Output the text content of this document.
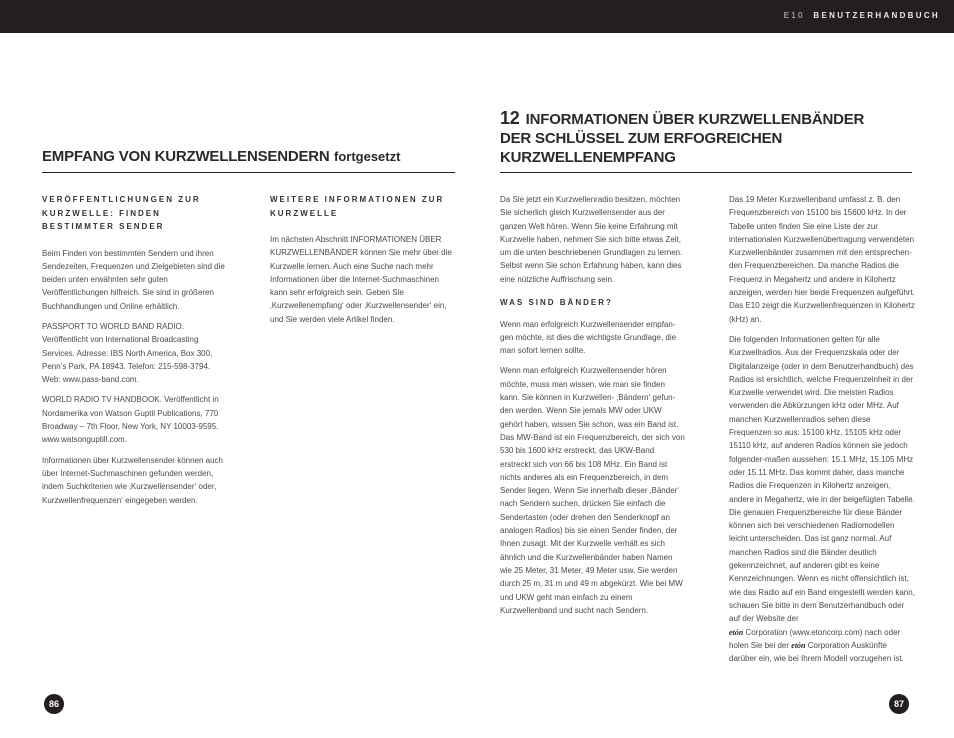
E10 BENUTZERHANDBUCH
EMPFANG VON KURZWELLENSENDERN fortgesetzt
12 INFORMATIONEN ÜBER KURZWELLENBÄNDER
DER SCHLÜSSEL ZUM ERFOGREICHEN
KURZWELLENEMPFANG
VERÖFFENTLICHUNGEN ZUR KURZWELLE: FINDEN BESTIMMTER SENDER

Beim Finden von bestimmten Sendern und ihren Sendezeiten, Frequenzen und Zielgebieten sind die beiden unten erwähnten sehr guten Veröffentlichungen hilfreich. Sie sind in größeren Buchhandlungen und Online erhältlich.

PASSPORT TO WORLD BAND RADIO. Veröffentlicht von International Broadcasting Services. Adresse: IBS North America, Box 300, Penn’s Park, PA 18943. Telefon: 215-598-3794. Web: www.pass-band.com.

WORLD RADIO TV HANDBOOK. Veröffentlicht in Nordamerika von Watson Guptil Publications, 770 Broadway – 7th Floor, New York, NY 10003-9595. www.watsonguptill.com.

Informationen über Kurzwellensender können auch über Internet-Suchmaschinen gefunden werden, indem Suchkriterien wie ‚Kurzwellensender‘ oder, Kurzwellenfrequenzen‘ eingegeben werden.

WEITERE INFORMATIONEN ZUR KURZWELLE

Im nächsten Abschnitt INFORMATIONEN ÜBER KURZWELLENBÄNDER können Sie mehr über die Kurzwelle lernen. Auch eine Suche nach mehr Informationen über die Internet-Suchmaschinen kann sehr erfolgreich sein. Geben Sie ‚Kurzwellenempfang‘ oder ‚Kurzwellensender‘ ein, und Sie werden viele Artikel finden.

Da Sie jetzt ein Kurzwellenradio besitzen, möchten Sie sicherlich gleich Kurzwellensender aus der ganzen Welt hören. Wenn Sie keine Erfahrung mit Kurzwelle haben, nehmen Sie sich bitte etwas Zeit, um die unten beschriebenen Grundlagen zu lernen. Selbst wenn Sie schon Erfahrung haben, kann dies eine nützliche Auffrischung sein.

WAS SIND BÄNDER?

Wenn man erfolgreich Kurzwellensender empfan-gen möchte, ist dies die wichtigste Grundlage, die man sofort lernen sollte.

Wenn man erfolgreich Kurzwellensender hören möchte, muss man wissen, wie man sie finden kann. Sie können in Kurzwellen- ‚Bändern‘ gefun-den werden. Wenn Sie jemals MW oder UKW gehört haben, wissen Sie schon, was ein Band ist. Das MW-Band ist ein Frequenzbereich, der sich von 530 bis 1600 kHz erstreckt, das UKW-Band erstreckt sich von 66 bis 108 MHz. Ein Band ist nichts anderes als ein Frequenzbereich, in dem Sender liegen. Wenn Sie innerhalb dieser ‚Bänder‘ nach Sendern suchen, drücken Sie einfach die Sendertasten (oder drehen den Senderknopf an analogen Radios) bis sie einen Sender finden, der Ihnen zusagt. Mit der Kurzwelle verhält es sich ähnlich und die Kurzwellenbänder haben Namen wie 25 Meter, 31 Meter, 49 Meter usw. Sie werden durch 25 m, 31 m und 49 m abgekürzt. Wie bei MW und UKW geht man einfach zu einem Kurzwellenband und sucht nach Sendern.

Das 19 Meter Kurzwellenband umfasst z. B. den Frequenzbereich von 15100 bis 15600 kHz. In der Tabelle unten finden Sie eine Liste der zur internationalen Kurzwellenübertragung verwendeten Kurzwellenbänder zusammen mit den entsprechen-den Frequenzbereichen. Da manche Radios die Frequenz in Megahertz und andere in Kilohertz anzeigen, werden hier beide Frequenzen aufgeführt. Das E10 zeigt die Kurzwellenfrequenzen in Kilohertz (kHz) an.

Die folgenden Informationen gelten für alle Kurzwellradios. Aus der Frequenzskala oder der Digitalanzeige (oder in dem Benutzerhandbuch) des Radios ist ersichtlich, welche Frequenzeinheit in der Kurzwelle verwendet wird. Die meisten Radios verwenden die Abkürzungen kHz oder MHz. Auf manchen Kurzwellenradios sehen diese Frequenzen so aus: 15100 kHz, 15105 kHz oder 15110 kHz, auf anderen Radios können sie jedoch folgender-maßen aussehen: 15.1 MHz, 15.105 MHz oder 15.11 MHz. Das kommt daher, dass manche Radios die Frequenzen in Kilohertz anzeigen, andere in Megahertz, wie in der beigefügten Tabelle. Die genauen Frequenzbereiche für diese Bänder können sich bei verschiedenen Radiomodellen leicht unterscheiden. Das ist ganz normal. Auf manchen Radios sind die Bänder deutlich gekennzeichnet, auf anderen gibt es keine Kennzeichnungen. Wenn es nicht offensichtlich ist, wie das Radio auf ein Band eingestellt werden kann, schauen Sie bitte in dem Benutzerhandbuch oder auf der Website der
etón Corporation (www.etoncorp.com) nach oder holen Sie bei der etón Corporation Auskünfte darüber ein, wie bei Ihrem Modell vorzugehen ist.

86	87
